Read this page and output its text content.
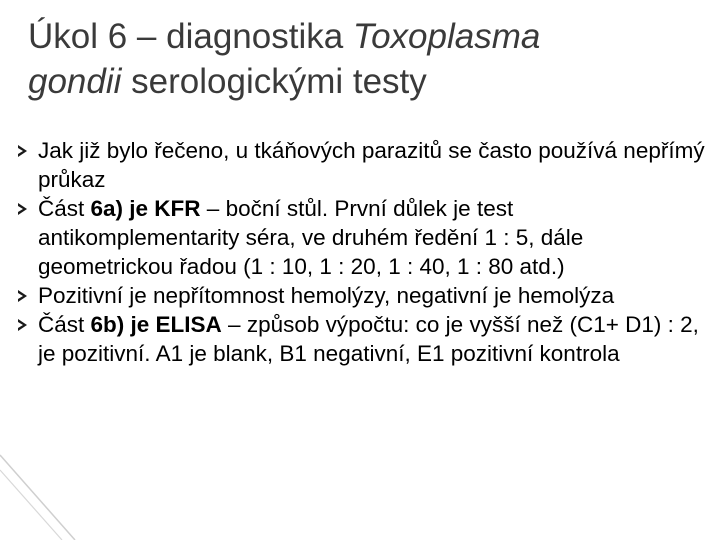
Úkol 6 – diagnostika Toxoplasma
gondii serologickými testy
Jak již bylo řečeno, u tkáňových parazitů se často používá nepřímý průkaz
Část 6a) je KFR – boční stůl. První důlek je test antikomplementarity séra, ve druhém ředění 1 : 5, dále geometrickou řadou (1 : 10, 1 : 20, 1 : 40, 1 : 80 atd.)
Pozitivní je nepřítomnost hemolýzy, negativní je hemolýza
Část 6b) je ELISA – způsob výpočtu: co je vyšší než (C1+ D1) : 2, je pozitivní. A1 je blank, B1 negativní, E1 pozitivní kontrola
